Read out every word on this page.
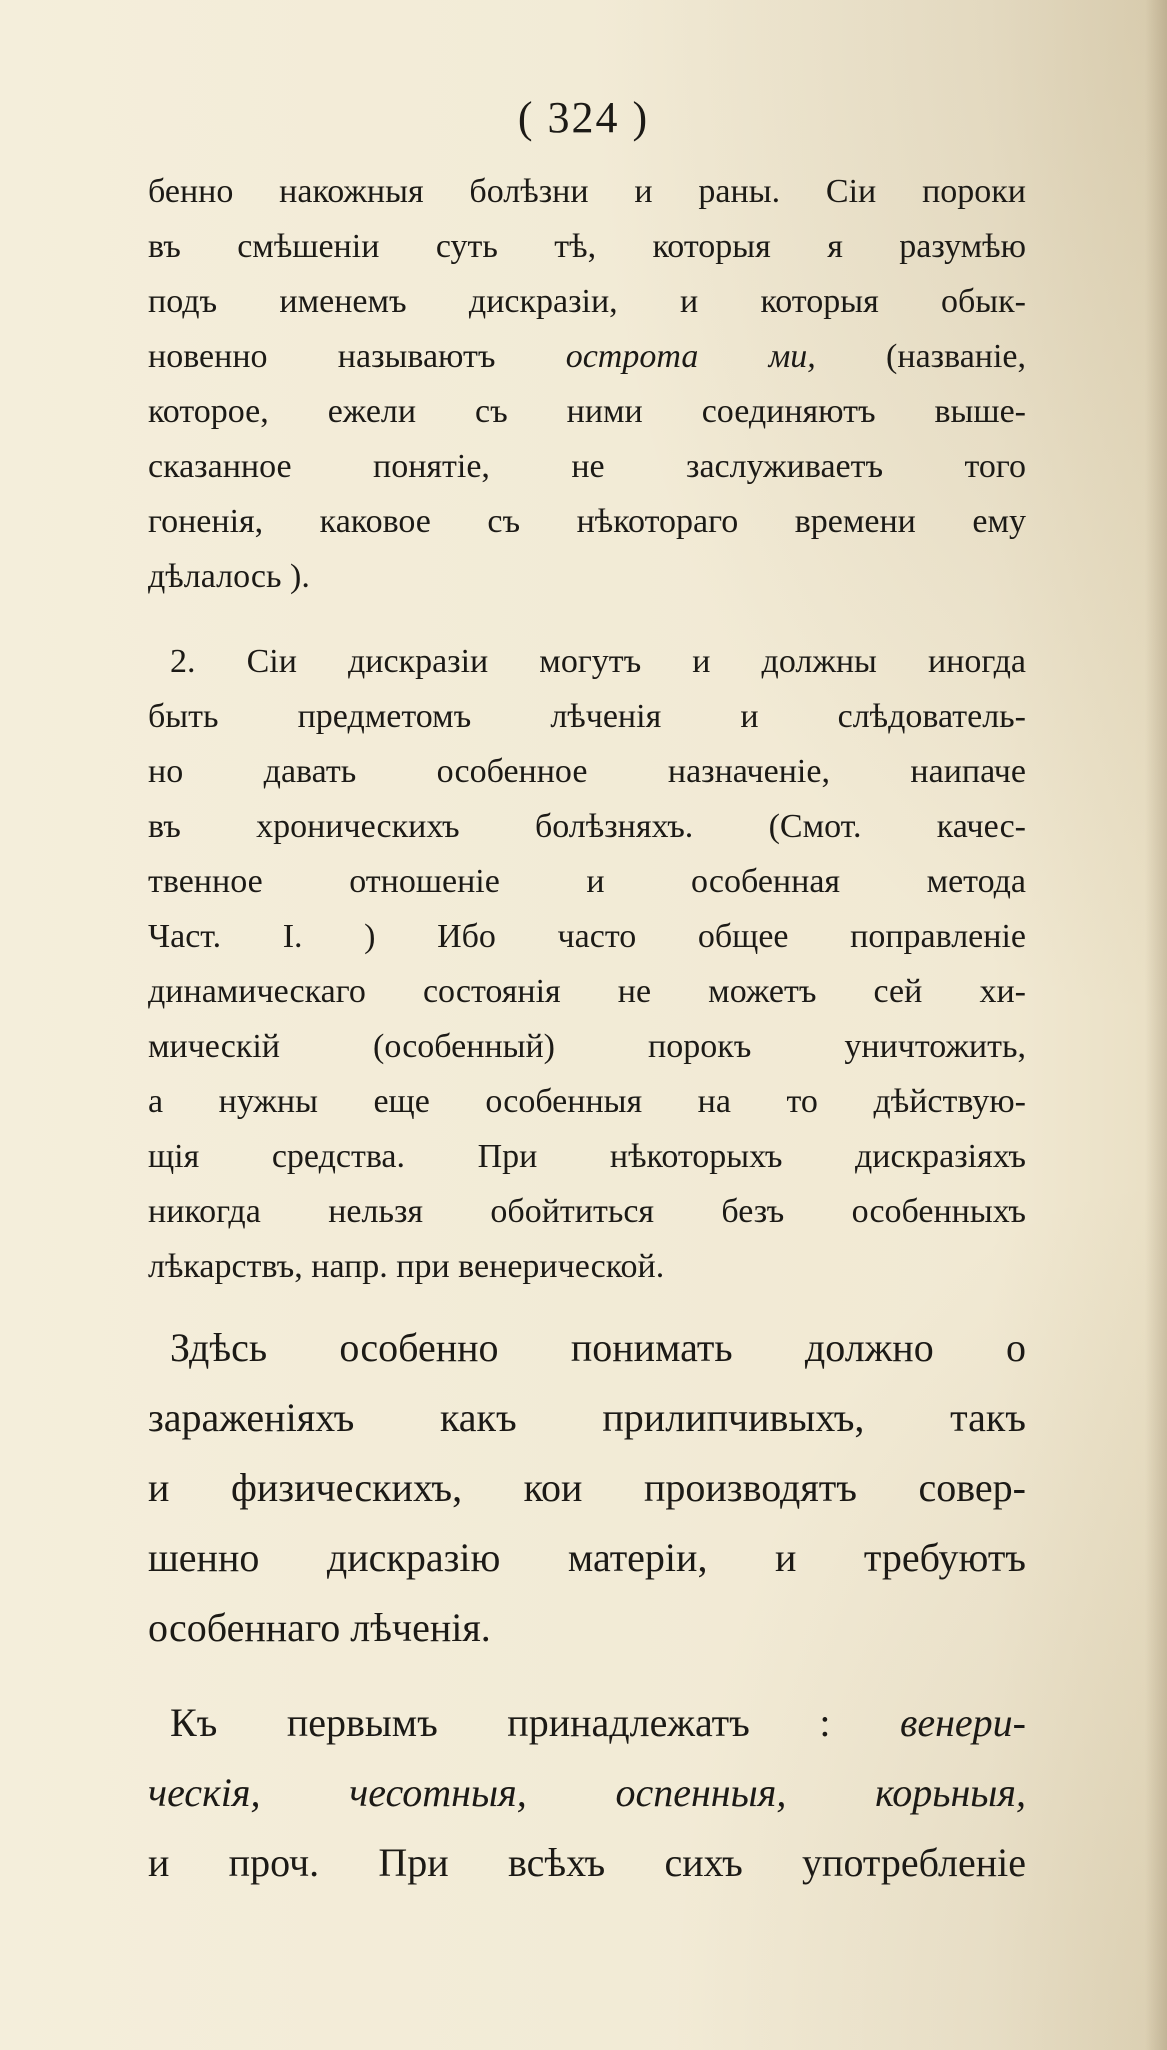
( 324 )
бенно накожныя болѣзни и раны. Сіи пороки
въ смѣшеніи суть тѣ, которыя я разумѣю
подъ именемъ дискразіи, и которыя обык-
новенно называютъ острота ми, (названіе,
которое, ежели съ ними соединяютъ выше-
сказанное понятіе, не заслуживаетъ того
гоненія, каковое съ нѣкотораго времени ему
дѣлалось ).
2. Сіи дискразіи могутъ и должны иногда
быть предметомъ лѣченія и слѣдователь-
но давать особенное назначеніе, наипаче
въ хроническихъ болѣзняхъ. (Смот. качес-
твенное отношеніе и особенная метода
Част. I. ) Ибо часто общее поправленіе
динамическаго состоянія не можетъ сей хи-
мическій (особенный) порокъ уничтожить,
а нужны еще особенныя на то дѣйствую-
щія средства. При нѣкоторыхъ дискразіяхъ
никогда нельзя обойтиться безъ особенныхъ
лѣкарствъ, напр. при венерической.
Здѣсь особенно понимать должно о
зараженіяхъ какъ прилипчивыхъ, такъ
и физическихъ, кои производятъ совер-
шенно дискразію матеріи, и требуютъ
особеннаго лѣченія.
Къ первымъ принадлежатъ : венери-
ческія, чесотныя, оспенныя, корьныя,
и проч. При всѣхъ сихъ употребленіе
